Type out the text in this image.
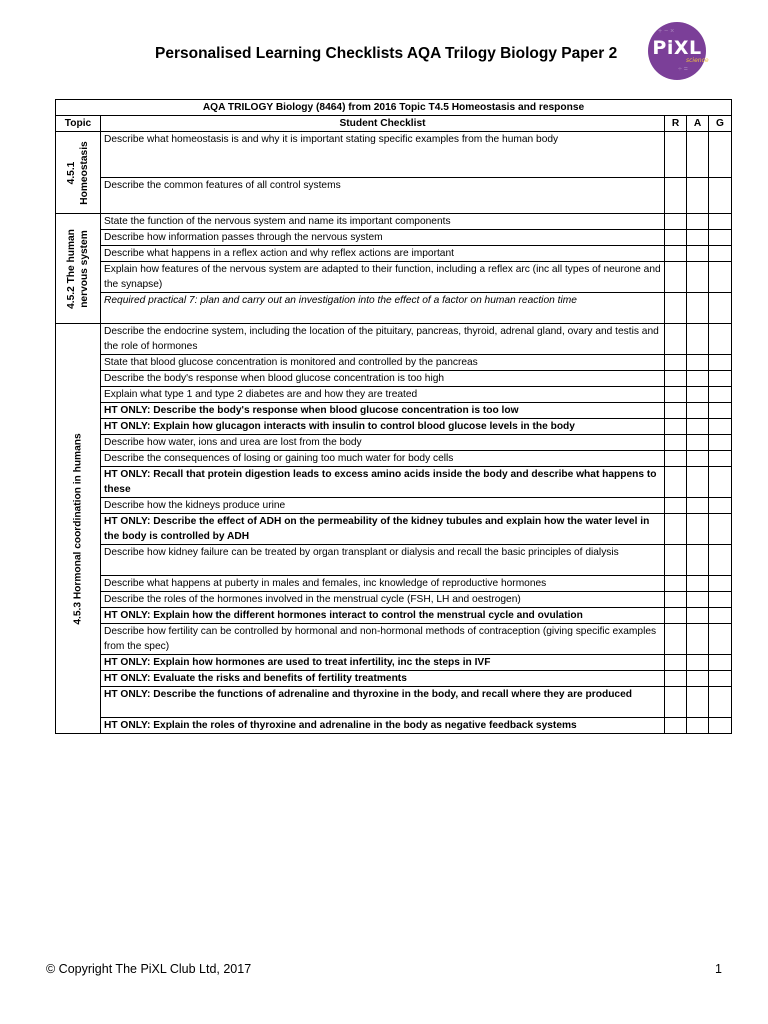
Personalised Learning Checklists AQA Trilogy Biology Paper 2
+ − ×
÷ =
PiXL
science
AQA TRILOGY Biology (8464) from 2016 Topic T4.5 Homeostasis and response				
Topic	Student Checklist	R	A	G

4.5.1 Homeostasis	Describe what homeostasis is and why it is important stating specific examples from the human body			
	Describe the common features of all control systems			

4.5.2 The human nervous system	State the function of the nervous system and name its important components			
	Describe how information passes through the nervous system			
	Describe what happens in a reflex action and why reflex actions are important			
	Explain how features of the nervous system are adapted to their function, including a reflex arc (inc all types of neurone and the synapse)			
	Required practical 7: plan and carry out an investigation into the effect of a factor on human reaction time			

4.5.3 Hormonal coordination in humans	Describe the endocrine system, including the location of the pituitary, pancreas, thyroid, adrenal gland, ovary and testis and the role of hormones			
	State that blood glucose concentration is monitored and controlled by the pancreas			
	Describe the body's response when blood glucose concentration is too high			
	Explain what type 1 and type 2 diabetes are and how they are treated			
	HT ONLY: Describe the body's response when blood glucose concentration is too low			
	HT ONLY: Explain how glucagon interacts with insulin to control blood glucose levels in the body			
	Describe how water, ions and urea are lost from the body			
	Describe the consequences of losing or gaining too much water for body cells			
	HT ONLY: Recall that protein digestion leads to excess amino acids inside the body and describe what happens to these			
	Describe how the kidneys produce urine			
	HT ONLY: Describe the effect of ADH on the permeability of the kidney tubules and explain how the water level in the body is controlled by ADH			
	Describe how kidney failure can be treated by organ transplant or dialysis and recall the basic principles of dialysis			
	Describe what happens at puberty in males and females, inc knowledge of reproductive hormones			
	Describe the roles of the hormones involved in the menstrual cycle (FSH, LH and oestrogen)			
	HT ONLY: Explain how the different hormones interact to control the menstrual cycle and ovulation			
	Describe how fertility can be controlled by hormonal and non-hormonal methods of contraception (giving specific examples from the spec)			
	HT ONLY: Explain how hormones are used to treat infertility, inc the steps in IVF			
	HT ONLY: Evaluate the risks and benefits of fertility treatments			
	HT ONLY: Describe the functions of adrenaline and thyroxine in the body, and recall where they are produced			
	HT ONLY: Explain the roles of thyroxine and adrenaline in the body as negative feedback systems			
© Copyright The PiXL Club Ltd, 2017	1
